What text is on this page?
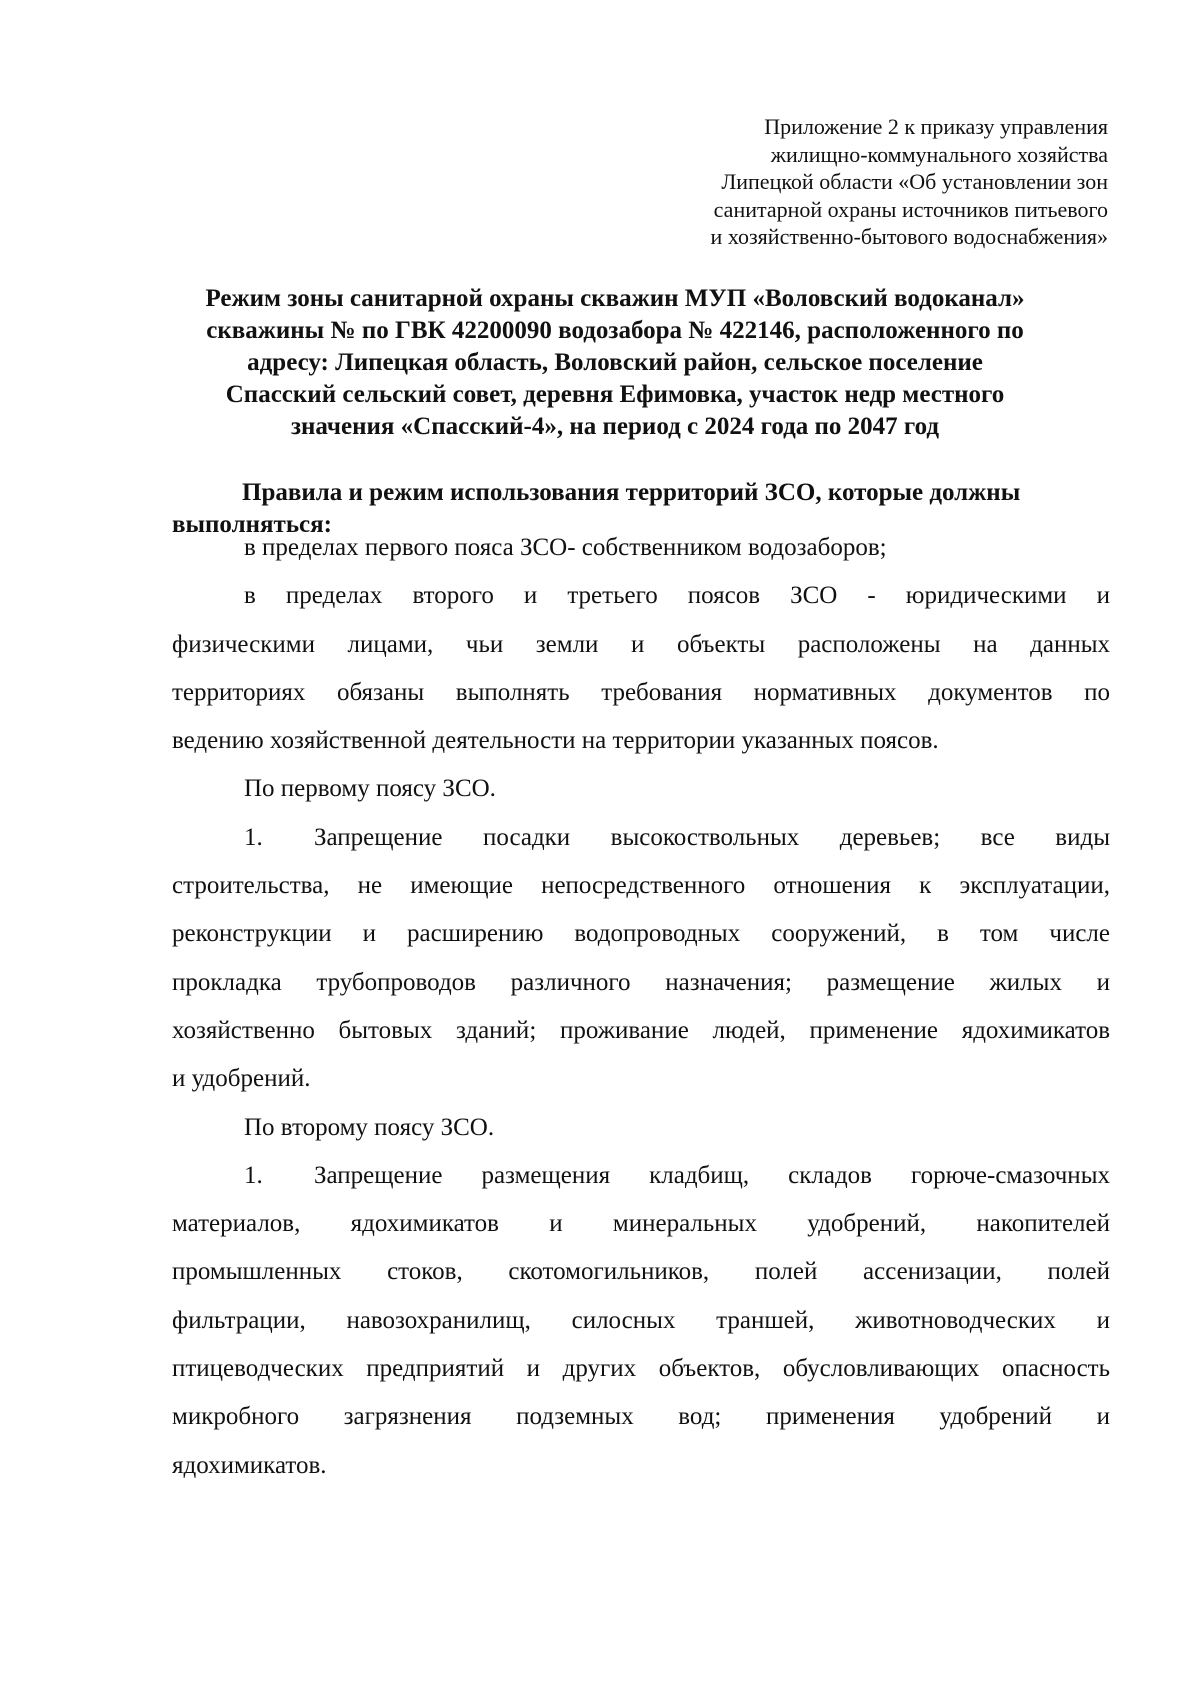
Приложение 2 к приказу управления
жилищно-коммунального хозяйства
Липецкой области «Об установлении зон
санитарной охраны источников питьевого
и хозяйственно-бытового водоснабжения»
Режим зоны санитарной охраны скважин МУП «Воловский водоканал»
скважины № по ГВК 42200090 водозабора № 422146, расположенного по
адресу: Липецкая область, Воловский район, сельское поселение
Спасский сельский совет, деревня Ефимовка, участок недр местного
значения «Спасский-4», на период с 2024 года по 2047 год
Правила и режим использования территорий ЗСО, которые должны
выполняться:
в пределах первого пояса ЗСО- собственником водозаборов;
в пределах второго и третьего поясов ЗСО - юридическими и
физическими лицами, чьи земли и объекты расположены на данных
территориях обязаны выполнять требования нормативных документов по
ведению хозяйственной деятельности на территории указанных поясов.
По первому поясу ЗСО.
1. Запрещение посадки высокоствольных деревьев; все виды
строительства, не имеющие непосредственного отношения к эксплуатации,
реконструкции и расширению водопроводных сооружений, в том числе
прокладка трубопроводов различного назначения; размещение жилых и
хозяйственно бытовых зданий; проживание людей, применение ядохимикатов
и удобрений.
По второму поясу ЗСО.
1. Запрещение размещения кладбищ, складов горюче-смазочных
материалов, ядохимикатов и минеральных удобрений, накопителей
промышленных стоков, скотомогильников, полей ассенизации, полей
фильтрации, навозохранилищ, силосных траншей, животноводческих и
птицеводческих предприятий и других объектов, обусловливающих опасность
микробного загрязнения подземных вод; применения удобрений и
ядохимикатов.
